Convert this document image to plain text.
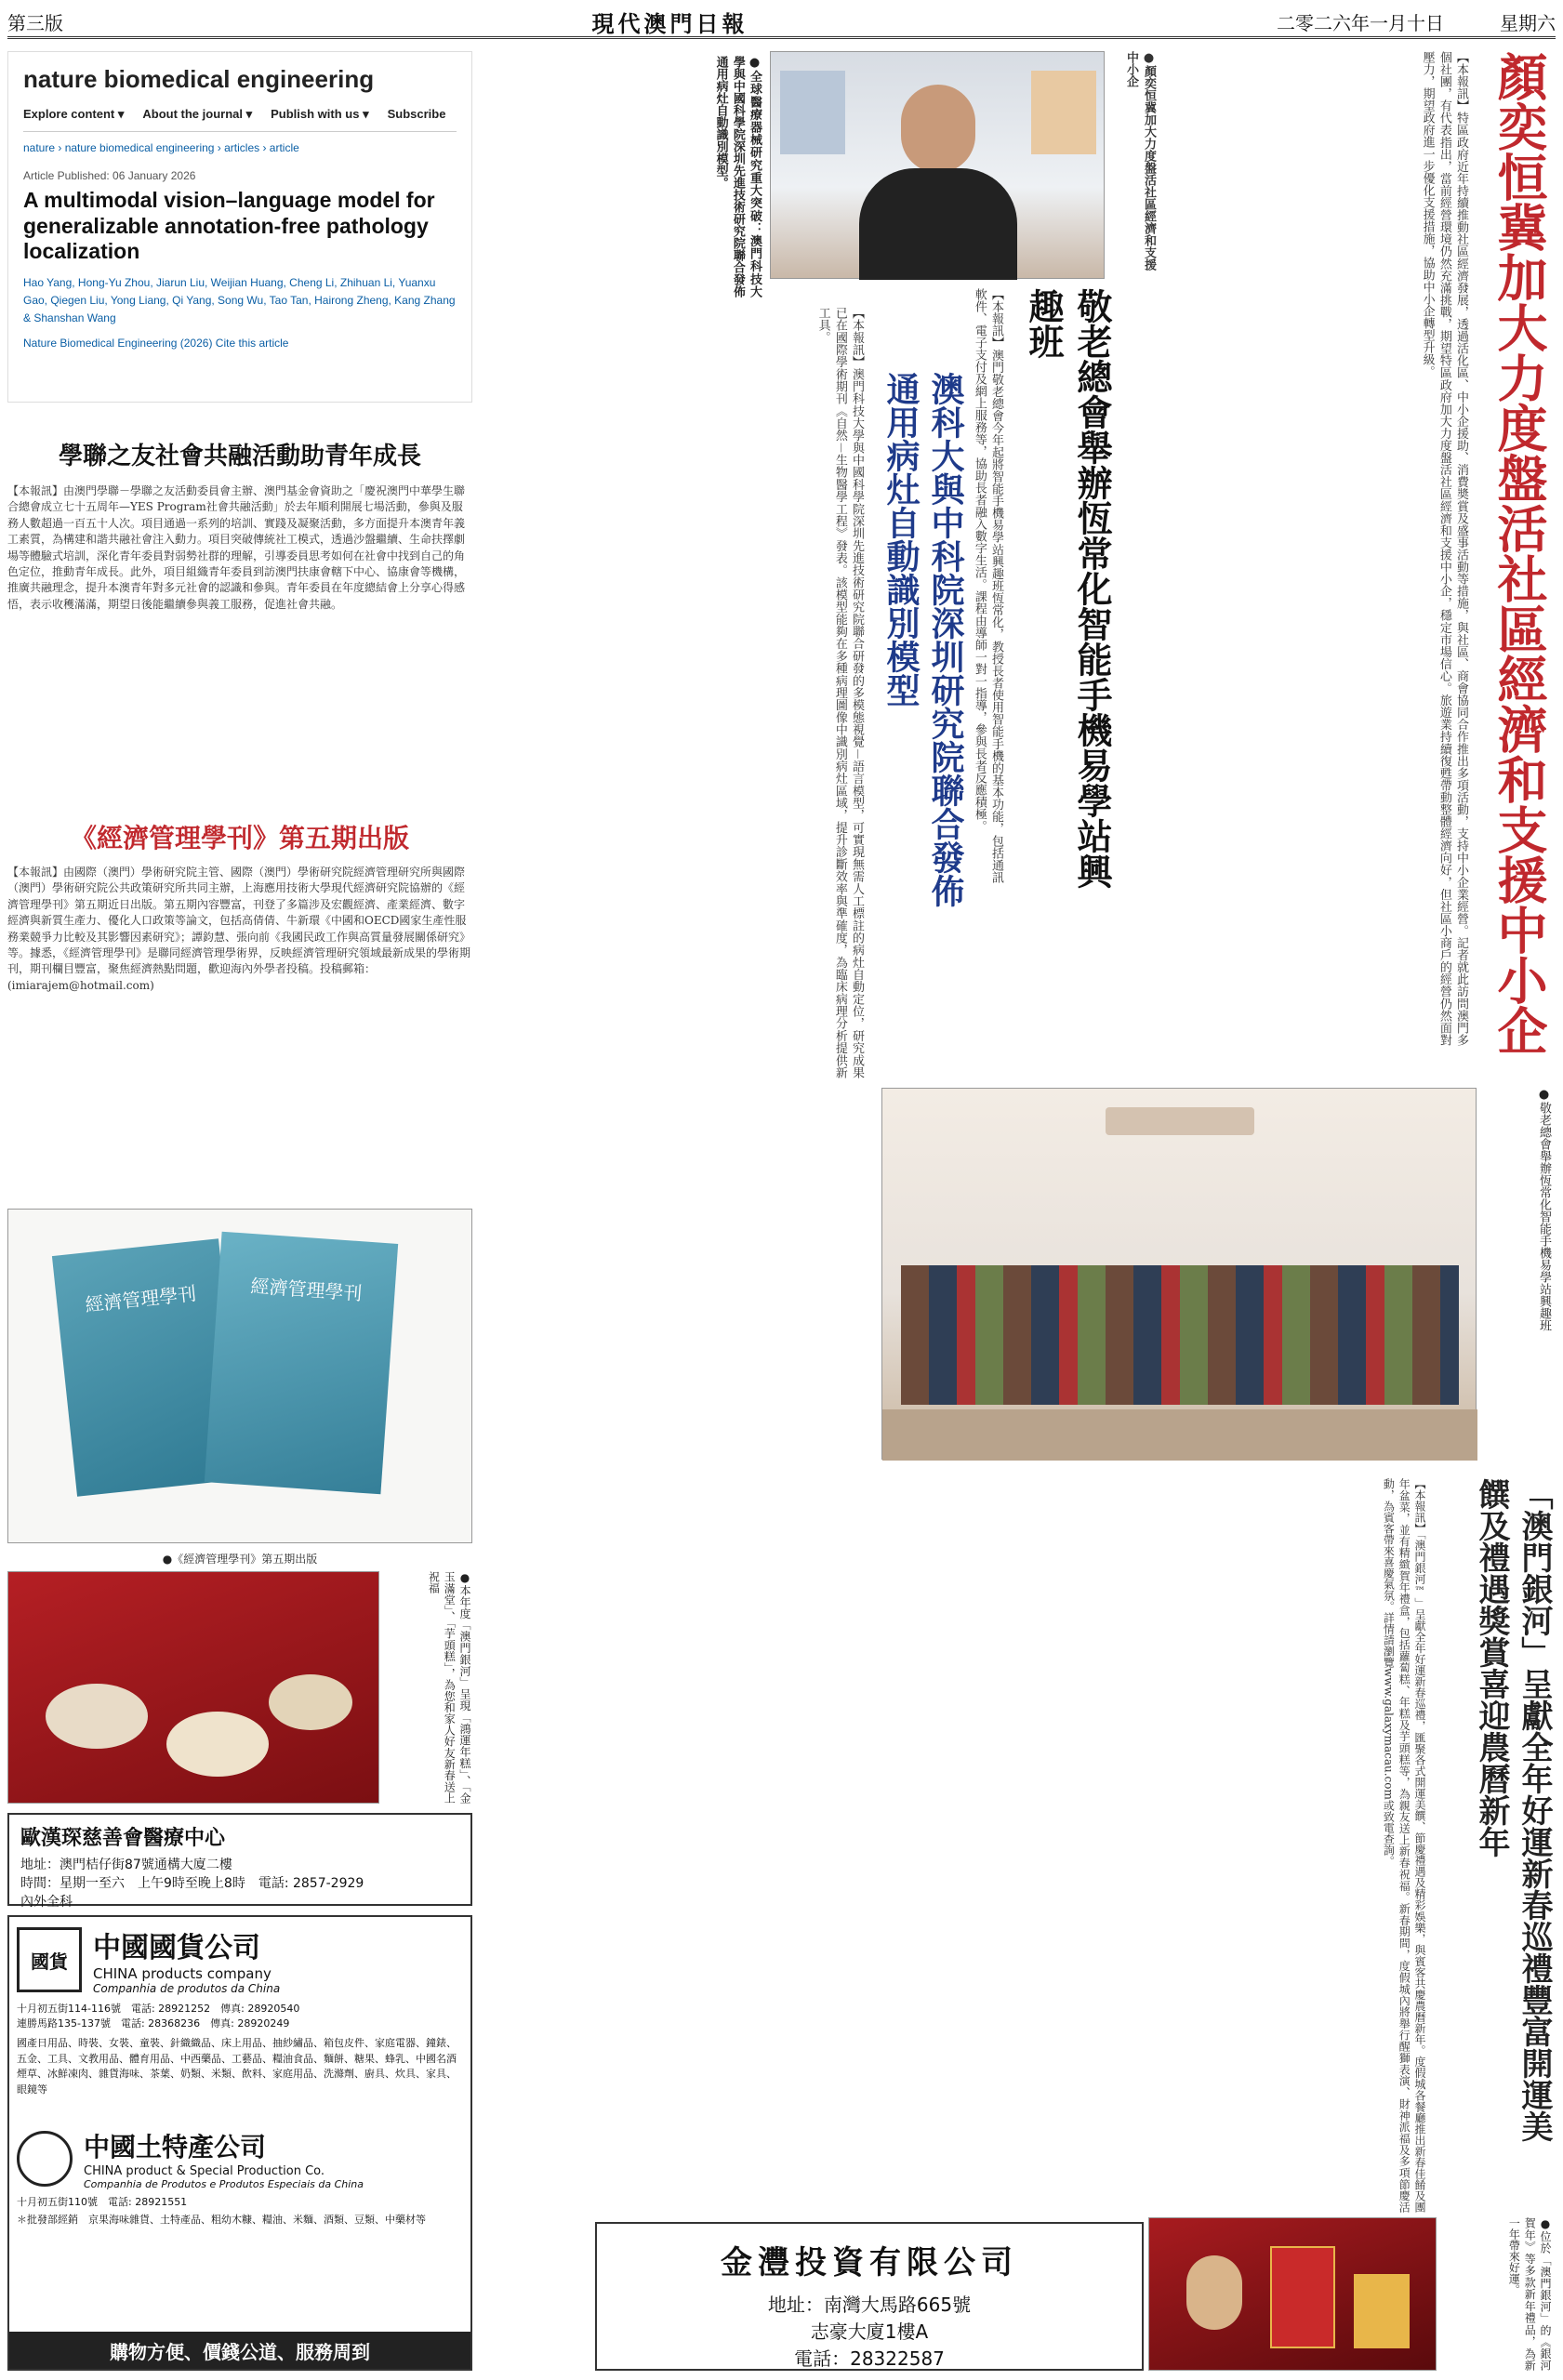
第三版	現代澳門日報	二零二六年一月十日	星期六
顏奕恒冀加大力度盤活社區經濟和支援中小企
【本報訊】特區政府近年持續推動社區經濟發展，透過活化區、中小企援助、消費奬賞及盛事活動等措施，與社區、商會協同合作推出多項活動，支持中小企業經營。記者就此訪問澳門多個社團，有代表指出，當前經營環境仍然充滿挑戰，期望特區政府加大力度盤活社區經濟和支援中小企，穩定市場信心。旅遊業持續復甦帶動整體經濟向好，但社區小商戶的經營仍然面對壓力，期望政府進一步優化支援措施，協助中小企轉型升級。
●顏奕恒冀加大力度盤活社區經濟和支援中小企
敬老總會舉辦恆常化智能手機易學站興趣班
【本報訊】澳門敬老總會今年起將智能手機易學站興趣班恆常化，教授長者使用智能手機的基本功能，包括通訊軟件、電子支付及網上服務等，協助長者融入數字生活。課程由導師一對一指導，參與長者反應積極。
澳科大與中科院深圳研究院聯合發佈通用病灶自動識別模型
【本報訊】澳門科技大學與中國科學院深圳先進技術研究院聯合研發的多模態視覺－語言模型，可實現無需人工標註的病灶自動定位，研究成果已在國際學術期刊《自然－生物醫學工程》發表。該模型能夠在多種病理圖像中識別病灶區域，提升診斷效率與準確度，為臨床病理分析提供新工具。
●全球醫療器械研究重大突破：澳門科技大學與中國科學院深圳先進技術研究院聯合發佈通用病灶自動識別模型。
●敬老總會舉辦恆常化智能手機易學站興趣班
nature biomedical engineering
Explore content ▾ About the journal ▾ Publish with us ▾ Subscribe
nature › nature biomedical engineering › articles › article
Article Published: 06 January 2026
A multimodal vision–language model for generalizable annotation-free pathology localization
Hao Yang, Hong-Yu Zhou, Jiarun Liu, Weijian Huang, Cheng Li, Zhihuan Li, Yuanxu Gao, Qiegen Liu, Yong Liang, Qi Yang, Song Wu, Tao Tan, Hairong Zheng, Kang Zhang & Shanshan Wang
Nature Biomedical Engineering (2026) Cite this article
學聯之友社會共融活動助青年成長
【本報訊】由澳門學聯－學聯之友活動委員會主辦、澳門基金會資助之「慶祝澳門中華學生聯合總會成立七十五周年—YES Program社會共融活動」於去年順利開展七場活動，參與及服務人數超過一百五十人次。項目通過一系列的培訓、實踐及凝聚活動，多方面提升本澳青年義工素質，為構建和諧共融社會注入動力。項目突破傳統社工模式，透過沙盤繼續、生命扶擇劇場等體驗式培訓，深化青年委員對弱勢社群的理解，引導委員思考如何在社會中找到自己的角色定位，推動青年成長。此外，項目組織青年委員到訪澳門扶康會轄下中心、協康會等機構，推廣共融理念，提升本澳青年對多元社會的認識和參與。青年委員在年度總結會上分享心得感悟，表示收穫滿滿，期望日後能繼續參與義工服務，促進社會共融。
《經濟管理學刊》第五期出版
【本報訊】由國際（澳門）學術研究院主管、國際（澳門）學術研究院經濟管理研究所與國際（澳門）學術研究院公共政策研究所共同主辦，上海應用技術大學現代經濟研究院協辦的《經濟管理學刊》第五期近日出版。第五期內容豐富，刊登了多篇涉及宏觀經濟、產業經濟、數字經濟與新質生產力、優化人口政策等論文，包括高倩倩、牛新環《中國和OECD國家生產性服務業競爭力比較及其影響因素研究》；譚鈞慧、張向前《我國民政工作與高質量發展關係研究》等。據悉，《經濟管理學刊》是聯同經濟管理學術界，反映經濟管理研究領域最新成果的學術期刊，期刊欄目豐富，聚焦經濟熱點問題，歡迎海內外學者投稿。投稿郵箱：(imiarajem@hotmail.com)
經濟管理學刊	經濟管理學刊
●《經濟管理學刊》第五期出版
●本年度「澳門銀河」呈現「鴻運年糕」、「金玉滿堂」、「芋頭糕」，為您和家人好友新春送上祝福	「澳門銀河」呈獻全年好運新春巡禮豐富開運美饌及禮遇獎賞喜迎農曆新年
【本報訊】「澳門銀河™」呈獻全年好運新春巡禮，匯聚各式開運美饌、節慶禮遇及精彩娛樂，與賓客共慶農曆新年。度假城各餐廳推出新春佳餚及團年盆菜，並有精緻賀年禮盒，包括蘿蔔糕、年糕及芋頭糕等，為親友送上新春祝福。新春期間，度假城內將舉行醒獅表演、財神派福及多項節慶活動，為賓客帶來喜慶氣氛。詳情請瀏覽www.galaxymacau.com或致電查詢。
●位於「澳門銀河」的《銀河賀年》等多款新年禮品，為新一年帶來好運。
歐漢琛慈善會醫療中心
地址：澳門桔仔街87號通構大廈二樓
時間：星期一至六　上午9時至晚上8時　電話: 2857-2929
內外全科
國貨 中國國貨公司
CHINA products company
Companhia de produtos da China
十月初五街114-116號　電話: 28921252　傳真: 28920540
連勝馬路135-137號　電話: 28368236　傳真: 28920249
國產日用品、時裝、女裝、童裝、針織織品、床上用品、抽紗繡品、箱包皮件、家庭電器、鐘錶、五金、工具、文教用品、體育用品、中西藥品、工藝品、糧油食品、麵餅、糖果、蜂乳、中國名酒煙草、冰鮮凍肉、雜貨海味、茶葉、奶類、米類、飲料、家庭用品、洗滌劑、廚具、炊具、家具、眼鏡等
中國土特產公司
CHINA product & Special Production Co.
Companhia de Produtos e Produtos Especiais da China
十月初五街110號　電話: 28921551
＊批發部經銷　京果海味雜貨、土特產品、粗幼木糠、糧油、米麵、酒類、豆類、中藥材等
購物方便、價錢公道、服務周到
金灃投資有限公司
地址：南灣大馬路665號
志豪大廈1樓A
電話：28322587
